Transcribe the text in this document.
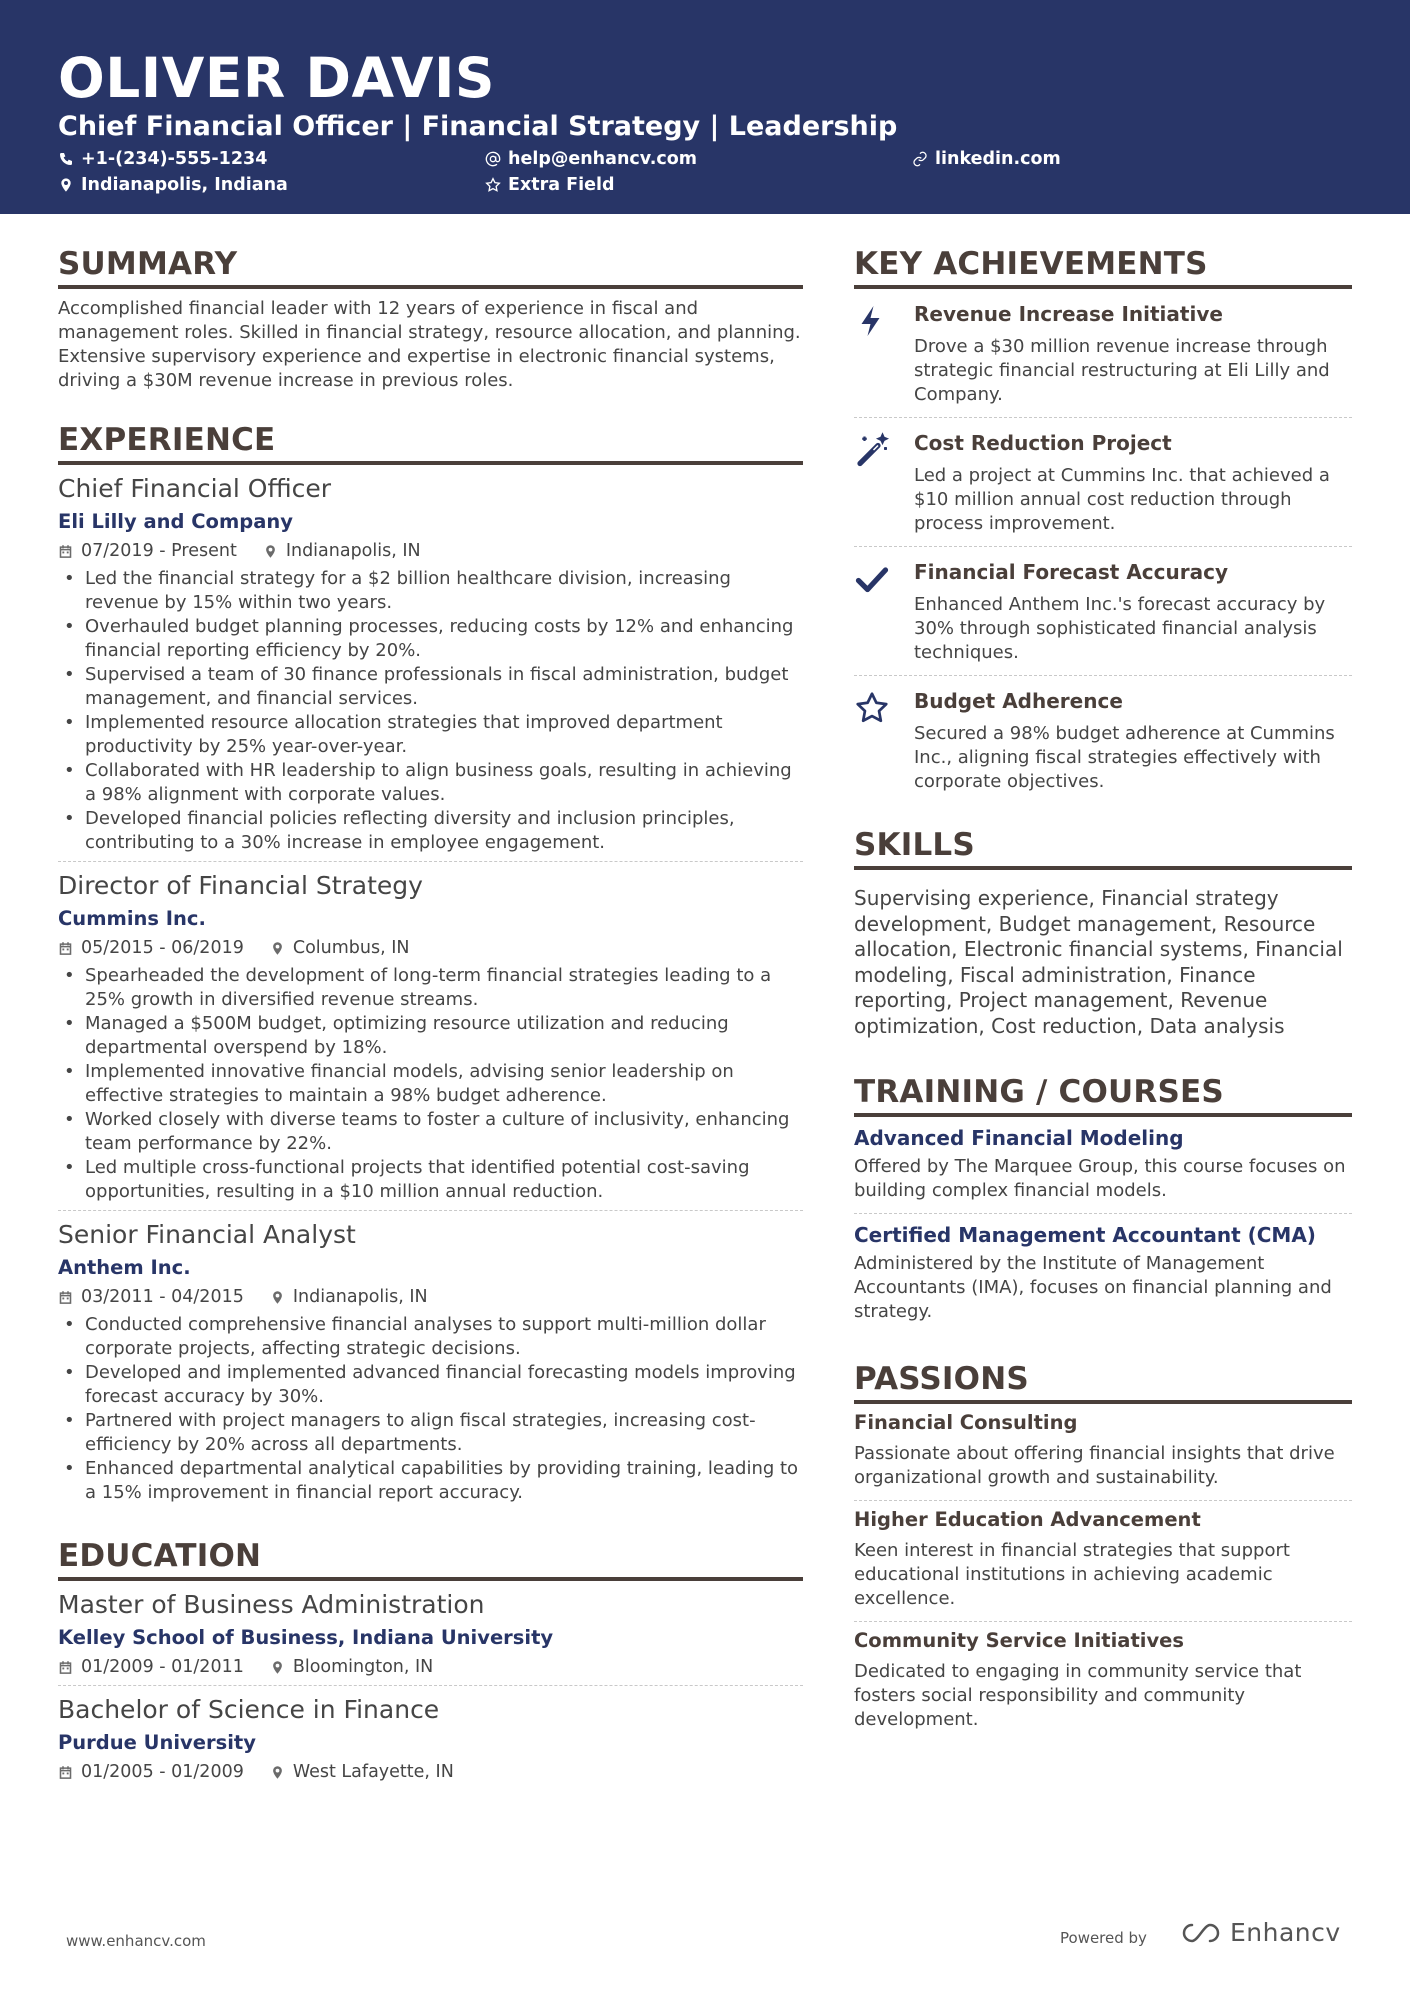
OLIVER DAVIS
Chief Financial Officer | Financial Strategy | Leadership
+1-(234)-555-1234	help@enhancv.com	linkedin.com
Indianapolis, Indiana	Extra Field
SUMMARY
Accomplished financial leader with 12 years of experience in fiscal and management roles. Skilled in financial strategy, resource allocation, and planning. Extensive supervisory experience and expertise in electronic financial systems, driving a $30M revenue increase in previous roles.
EXPERIENCE
Chief Financial Officer
Eli Lilly and Company
07/2019 - Present	Indianapolis, IN
• Led the financial strategy for a $2 billion healthcare division, increasing revenue by 15% within two years.
• Overhauled budget planning processes, reducing costs by 12% and enhancing financial reporting efficiency by 20%.
• Supervised a team of 30 finance professionals in fiscal administration, budget management, and financial services.
• Implemented resource allocation strategies that improved department productivity by 25% year-over-year.
• Collaborated with HR leadership to align business goals, resulting in achieving a 98% alignment with corporate values.
• Developed financial policies reflecting diversity and inclusion principles, contributing to a 30% increase in employee engagement.
Director of Financial Strategy
Cummins Inc.
05/2015 - 06/2019	Columbus, IN
• Spearheaded the development of long-term financial strategies leading to a 25% growth in diversified revenue streams.
• Managed a $500M budget, optimizing resource utilization and reducing departmental overspend by 18%.
• Implemented innovative financial models, advising senior leadership on effective strategies to maintain a 98% budget adherence.
• Worked closely with diverse teams to foster a culture of inclusivity, enhancing team performance by 22%.
• Led multiple cross-functional projects that identified potential cost-saving opportunities, resulting in a $10 million annual reduction.
Senior Financial Analyst
Anthem Inc.
03/2011 - 04/2015	Indianapolis, IN
• Conducted comprehensive financial analyses to support multi-million dollar corporate projects, affecting strategic decisions.
• Developed and implemented advanced financial forecasting models improving forecast accuracy by 30%.
• Partnered with project managers to align fiscal strategies, increasing cost-efficiency by 20% across all departments.
• Enhanced departmental analytical capabilities by providing training, leading to a 15% improvement in financial report accuracy.
EDUCATION
Master of Business Administration
Kelley School of Business, Indiana University
01/2009 - 01/2011	Bloomington, IN
Bachelor of Science in Finance
Purdue University
01/2005 - 01/2009	West Lafayette, IN
KEY ACHIEVEMENTS
Revenue Increase Initiative
Drove a $30 million revenue increase through strategic financial restructuring at Eli Lilly and Company.
Cost Reduction Project
Led a project at Cummins Inc. that achieved a $10 million annual cost reduction through process improvement.
Financial Forecast Accuracy
Enhanced Anthem Inc.'s forecast accuracy by 30% through sophisticated financial analysis techniques.
Budget Adherence
Secured a 98% budget adherence at Cummins Inc., aligning fiscal strategies effectively with corporate objectives.
SKILLS
Supervising experience, Financial strategy development, Budget management, Resource allocation, Electronic financial systems, Financial modeling, Fiscal administration, Finance reporting, Project management, Revenue optimization, Cost reduction, Data analysis
TRAINING / COURSES
Advanced Financial Modeling
Offered by The Marquee Group, this course focuses on building complex financial models.
Certified Management Accountant (CMA)
Administered by the Institute of Management Accountants (IMA), focuses on financial planning and strategy.
PASSIONS
Financial Consulting
Passionate about offering financial insights that drive organizational growth and sustainability.
Higher Education Advancement
Keen interest in financial strategies that support educational institutions in achieving academic excellence.
Community Service Initiatives
Dedicated to engaging in community service that fosters social responsibility and community development.
www.enhancv.com	Powered by	Enhancv
